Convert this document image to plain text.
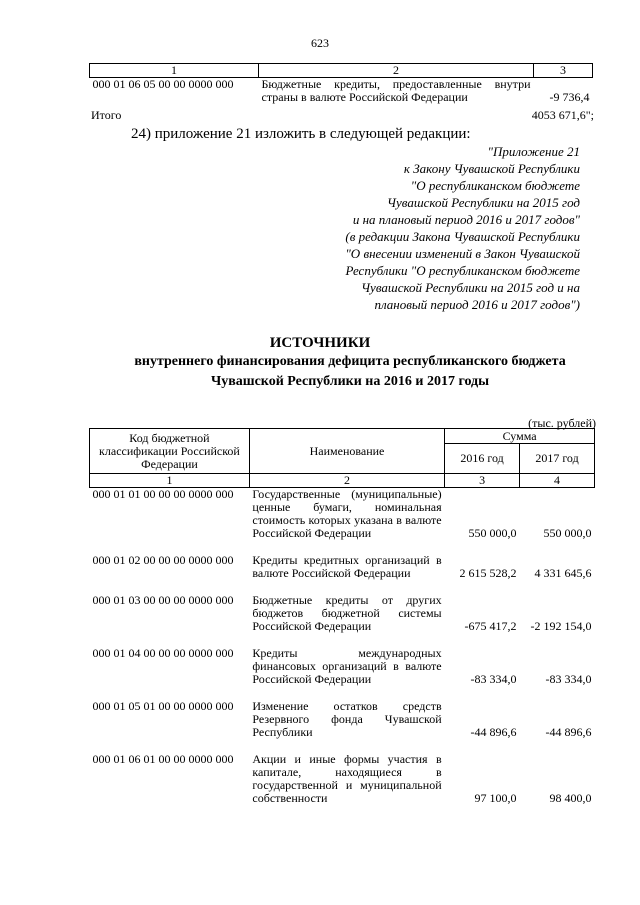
623
1	2	3
000 01 06 05 00 00 0000 000	Бюджетные кредиты, предоставленные внутри страны в валюте Российской Федерации	-9 736,4
Итого	4053 671,6";
24) приложение 21 изложить в следующей редакции:
"Приложение 21
к Закону Чувашской Республики
"О республиканском бюджете
Чувашской Республики на 2015 год
и на плановый период 2016 и 2017 годов"
(в редакции Закона Чувашской Республики
"О внесении изменений в Закон Чувашской
Республики "О республиканском бюджете
Чувашской Республики на 2015 год и на
плановый период 2016 и 2017 годов")
ИСТОЧНИКИ
внутреннего финансирования дефицита республиканского бюджета
Чувашской Республики на 2016 и 2017 годы
(тыс. рублей)
Код бюджетной классификации Российской Федерации	Наименование	Сумма	
		2016 год	2017 год
1	2	3	4
000 01 01 00 00 00 0000 000	Государственные (муниципальные) ценные бумаги, номинальная стоимость которых указана в валюте Российской Федерации	550 000,0	550 000,0

000 01 02 00 00 00 0000 000	Кредиты кредитных организаций в валюте Российской Федерации	2 615 528,2	4 331 645,6

000 01 03 00 00 00 0000 000	Бюджетные кредиты от других бюджетов бюджетной системы Российской Федерации	-675 417,2	-2 192 154,0

000 01 04 00 00 00 0000 000	Кредиты международных финансовых организаций в валюте Российской Федерации	-83 334,0	-83 334,0

000 01 05 01 00 00 0000 000	Изменение остатков средств Резервного фонда Чувашской Республики	-44 896,6	-44 896,6

000 01 06 01 00 00 0000 000	Акции и иные формы участия в капитале, находящиеся в государственной и муниципальной собственности	97 100,0	98 400,0
